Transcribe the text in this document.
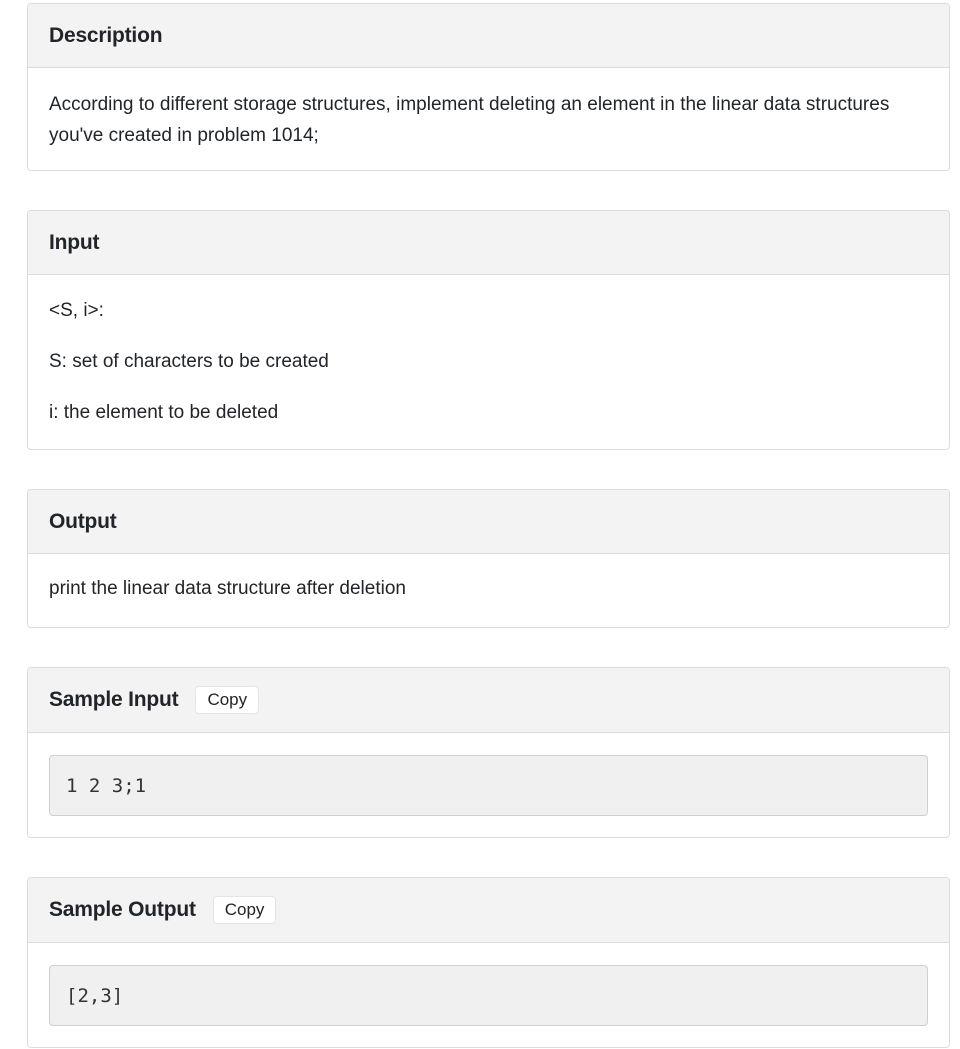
Description

According to different storage structures, implement deleting an element in the linear data structures you've created in problem 1014;

Input

<S, i>:

S: set of characters to be created

i: the element to be deleted

Output

print the linear data structure after deletion

Sample Input	Copy
1 2 3;1
Sample Output	Copy
[2,3]
